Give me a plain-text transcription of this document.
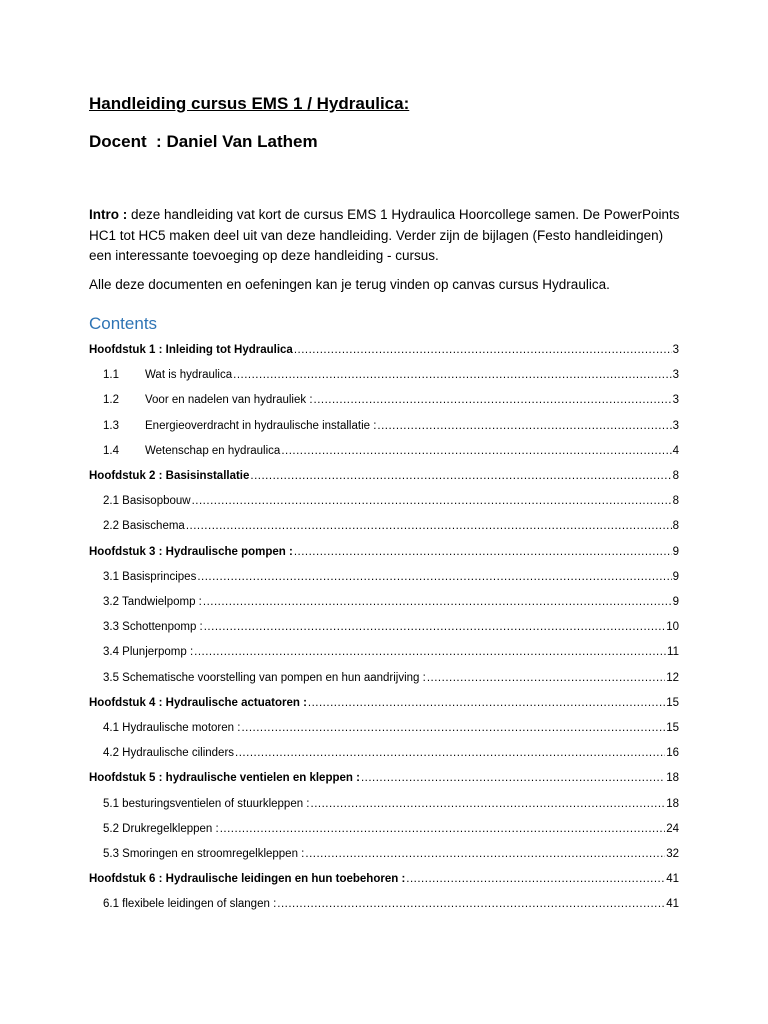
Handleiding cursus EMS 1 / Hydraulica:
Docent  : Daniel Van Lathem
Intro : deze handleiding vat kort de cursus EMS 1 Hydraulica Hoorcollege samen. De PowerPoints HC1 tot HC5 maken deel uit van deze handleiding. Verder zijn de bijlagen (Festo handleidingen) een interessante toevoeging op deze handleiding - cursus.
Alle deze documenten en oefeningen kan je terug vinden op canvas cursus Hydraulica.
Contents
Hoofdstuk 1 : Inleiding tot Hydraulica .....	3
1.1	Wat is hydraulica .....	3
1.2	Voor en nadelen van hydrauliek : .....	3
1.3	Energieoverdracht in hydraulische installatie : .....	3
1.4	Wetenschap en hydraulica .....	4
Hoofdstuk 2 : Basisinstallatie .....	8
2.1 Basisopbouw .....	8
2.2 Basischema .....	8
Hoofdstuk 3 : Hydraulische pompen : .....	9
3.1 Basisprincipes .....	9
3.2 Tandwielpomp : .....	9
3.3 Schottenpomp : .....	10
3.4 Plunjerpomp : .....	11
3.5 Schematische voorstelling van pompen en hun aandrijving : .....	12
Hoofdstuk 4 : Hydraulische actuatoren : .....	15
4.1 Hydraulische motoren : .....	15
4.2 Hydraulische cilinders .....	16
Hoofdstuk 5 : hydraulische ventielen en kleppen : .....	18
5.1 besturingsventielen of stuurkleppen : .....	18
5.2 Drukregelkleppen : .....	24
5.3 Smoringen en stroomregelkleppen : .....	32
Hoofdstuk 6 : Hydraulische leidingen en hun toebehoren : .....	41
6.1 flexibele leidingen of slangen : .....	41
